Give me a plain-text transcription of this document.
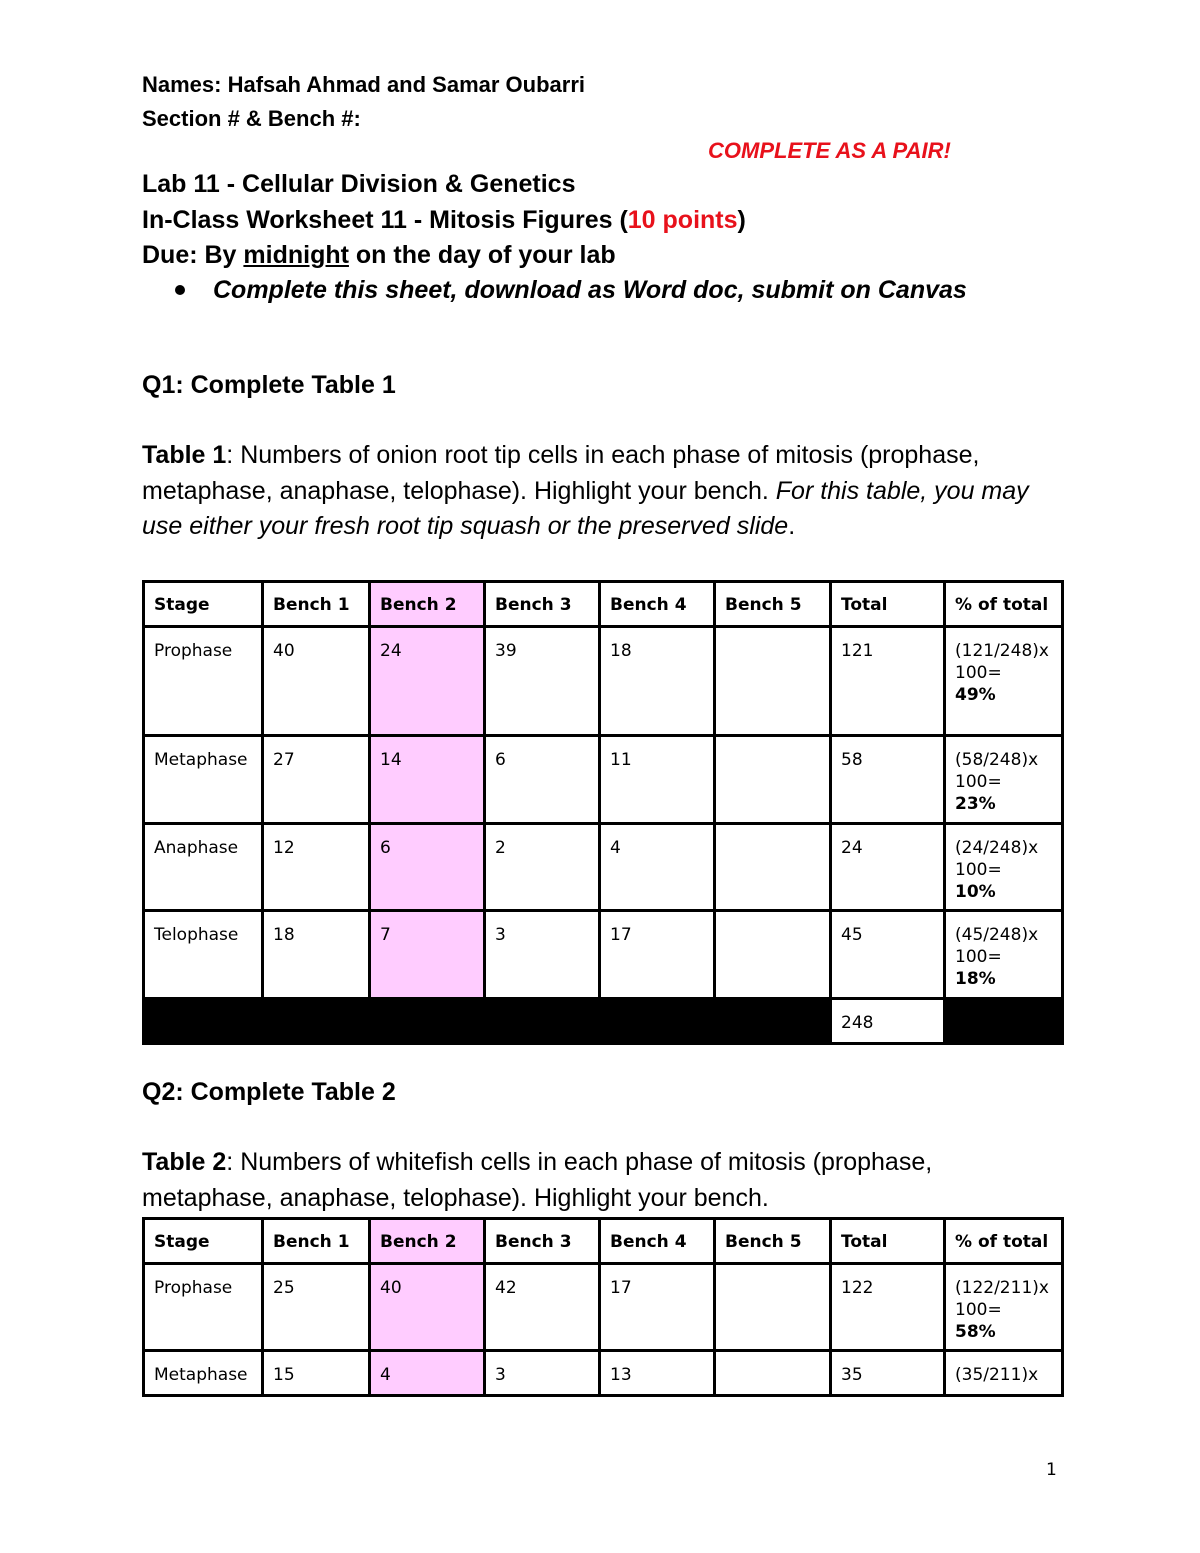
Names: Hafsah Ahmad and Samar Oubarri
Section # & Bench #:
COMPLETE AS A PAIR!
Lab 11 - Cellular Division & Genetics
In-Class Worksheet 11 - Mitosis Figures (10 points)
Due: By midnight on the day of your lab
Complete this sheet, download as Word doc, submit on Canvas
Q1: Complete Table 1
Table 1: Numbers of onion root tip cells in each phase of mitosis (prophase, metaphase, anaphase, telophase). Highlight your bench. For this table, you may use either your fresh root tip squash or the preserved slide.
Stage	Bench 1	Bench 2	Bench 3	Bench 4	Bench 5	Total	% of total
Prophase	40	24	39	18		121	(121/248)x
100=
49%

Metaphase	27	14	6	11		58	(58/248)x
100=
23%

Anaphase	12	6	2	4		24	(24/248)x
100=
10%

Telophase	18	7	3	17		45	(45/248)x
100=
18%

						248	
Q2: Complete Table 2
Table 2: Numbers of whitefish cells in each phase of mitosis (prophase, metaphase, anaphase, telophase). Highlight your bench.
Stage	Bench 1	Bench 2	Bench 3	Bench 4	Bench 5	Total	% of total
Prophase	25	40	42	17		122	(122/211)x
100=
58%

Metaphase	15	4	3	13		35	(35/211)x
1
